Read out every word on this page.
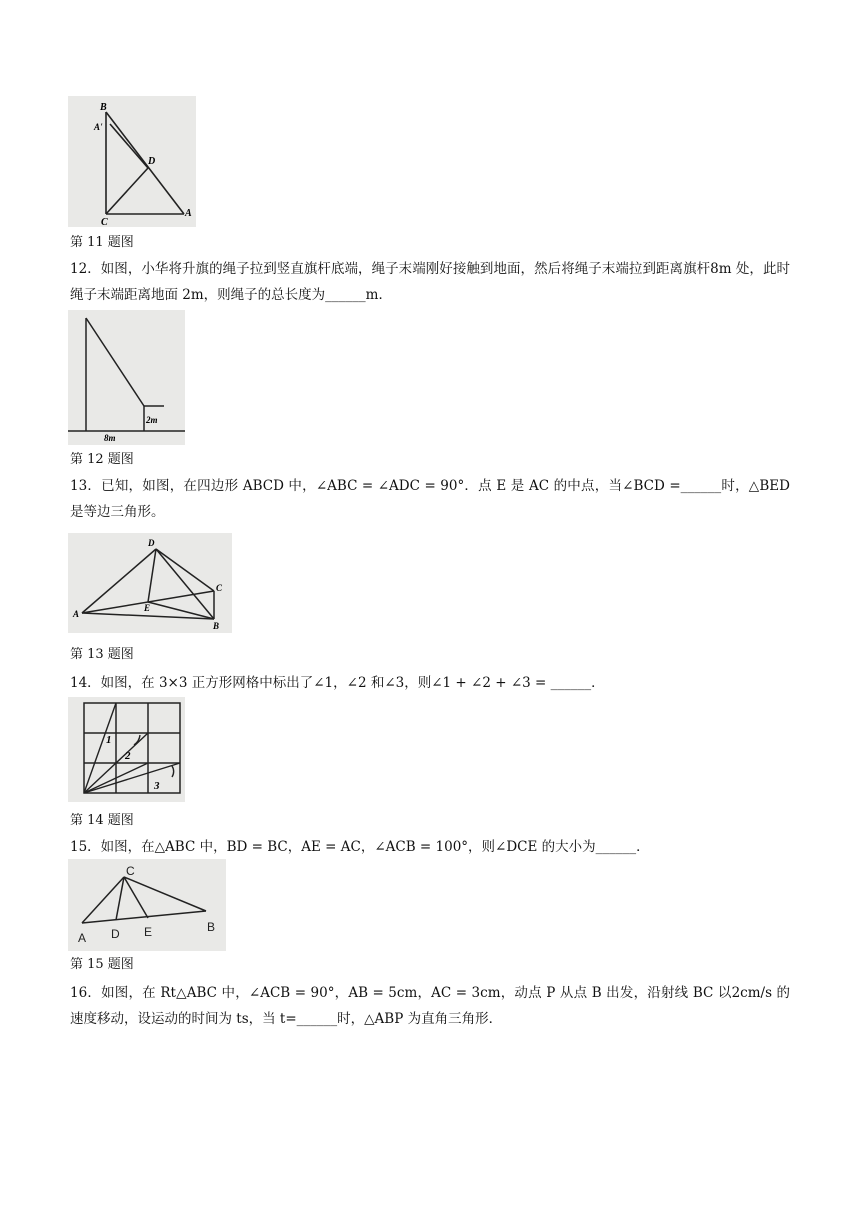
B
A'
D
C
A
第 11 题图
12．如图，小华将升旗的绳子拉到竖直旗杆底端，绳子末端刚好接触到地面，然后将绳子末端拉到距离旗杆8m 处，此时绳子末端距离地面 2m，则绳子的总长度为______m．
2m
8m
第 12 题图
13．已知，如图，在四边形 ABCD 中，∠ABC = ∠ADC = 90°．点 E 是 AC 的中点，当∠BCD =______时，△BED 是等边三角形。
D
C
E
A
B
第 13 题图
14．如图，在 3×3 正方形网格中标出了∠1，∠2 和∠3，则∠1 + ∠2 + ∠3 = ______．
1
2
3
第 14 题图
15．如图，在△ABC 中，BD = BC，AE = AC，∠ACB = 100°，则∠DCE 的大小为______．
C
A D E	B
第 15 题图
16．如图，在 Rt△ABC 中，∠ACB = 90°，AB = 5cm，AC = 3cm，动点 P 从点 B 出发，沿射线 BC 以2cm/s 的速度移动，设运动的时间为 ts，当 t=______时，△ABP 为直角三角形．
